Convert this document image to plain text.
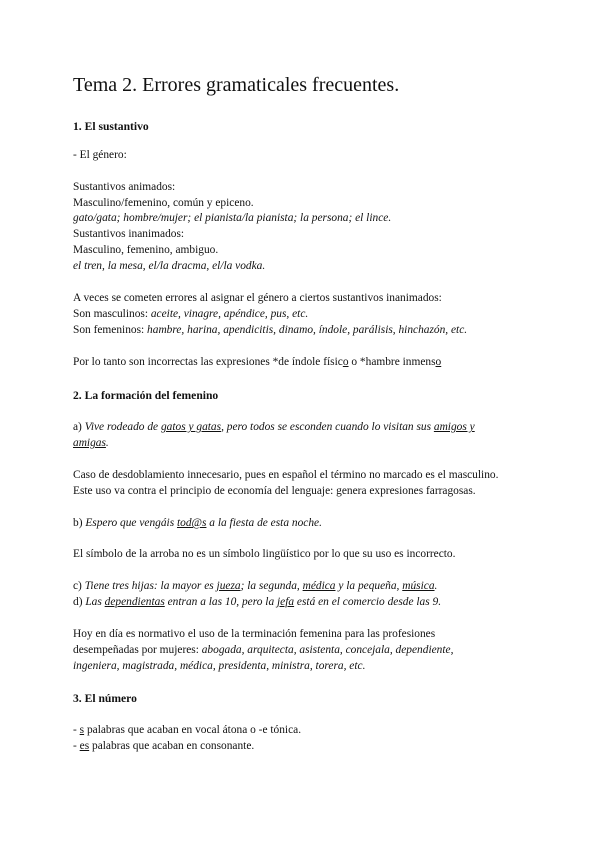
Tema 2. Errores gramaticales frecuentes.
1. El sustantivo
- El género:
Sustantivos animados:
Masculino/femenino, común y epiceno.
gato/gata; hombre/mujer; el pianista/la pianista; la persona; el lince.
Sustantivos inanimados:
Masculino, femenino, ambiguo.
el tren, la mesa, el/la dracma, el/la vodka.
A veces se cometen errores al asignar el género a ciertos sustantivos inanimados:
Son masculinos: aceite, vinagre, apéndice, pus, etc.
Son femeninos: hambre, harina, apendicitis, dinamo, índole, parálisis, hinchazón, etc.
Por lo tanto son incorrectas las expresiones *de índole físico o *hambre inmenso
2. La formación del femenino
a) Vive rodeado de gatos y gatas, pero todos se esconden cuando lo visitan sus amigos y
amigas.
Caso de desdoblamiento innecesario, pues en español el término no marcado es el masculino.
Este uso va contra el principio de economía del lenguaje: genera expresiones farragosas.
b) Espero que vengáis tod@s a la fiesta de esta noche.
El símbolo de la arroba no es un símbolo lingüístico por lo que su uso es incorrecto.
c) Tiene tres hijas: la mayor es jueza; la segunda, médica y la pequeña, música.
d) Las dependientas entran a las 10, pero la jefa está en el comercio desde las 9.
Hoy en día es normativo el uso de la terminación femenina para las profesiones
desempeñadas por mujeres: abogada, arquitecta, asistenta, concejala, dependiente,
ingeniera, magistrada, médica, presidenta, ministra, torera, etc.
3. El número
- s palabras que acaban en vocal átona o -e tónica.
- es palabras que acaban en consonante.
